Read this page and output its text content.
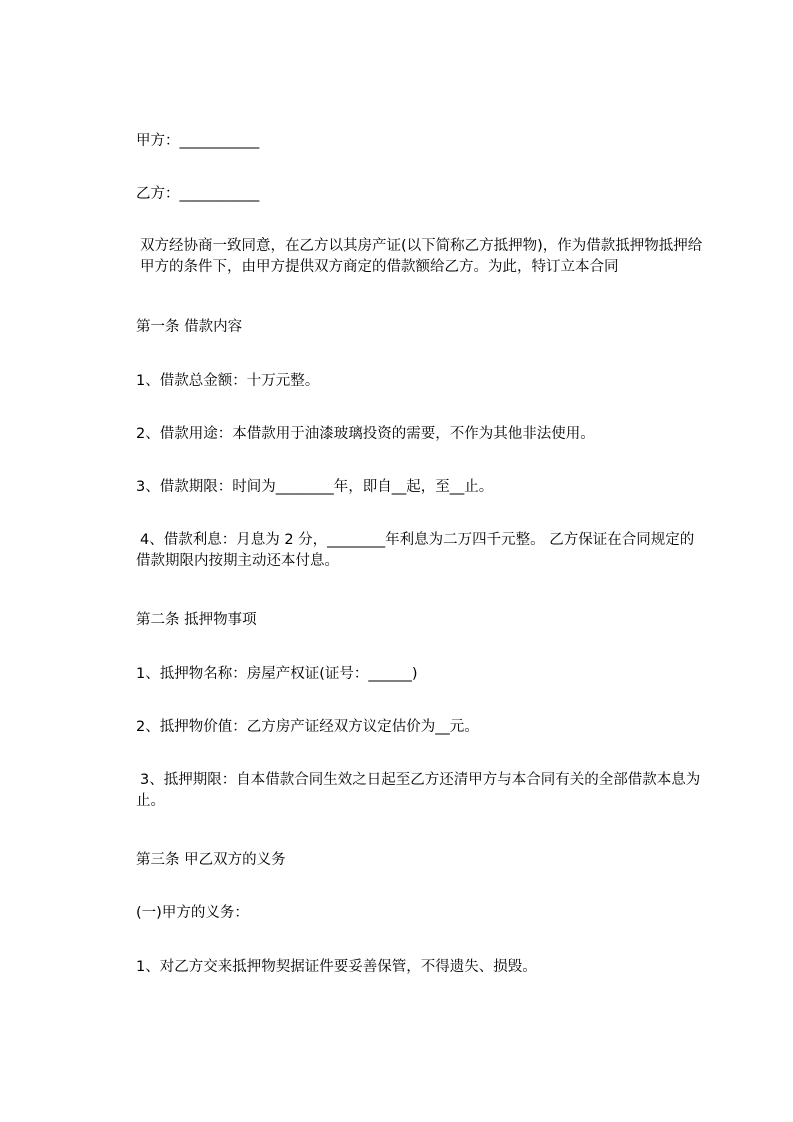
甲方：___________
乙方：___________
双方经协商一致同意，在乙方以其房产证(以下简称乙方抵押物)，作为借款抵押物抵押给甲方的条件下，由甲方提供双方商定的借款额给乙方。为此，特订立本合同
第一条 借款内容
1、借款总金额：十万元整。
2、借款用途：本借款用于油漆玻璃投资的需要，不作为其他非法使用。
3、借款期限：时间为________年，即自__起，至__止。
4、借款利息：月息为 2 分，________年利息为二万四千元整。 乙方保证在合同规定的借款期限内按期主动还本付息。
第二条 抵押物事项
1、抵押物名称：房屋产权证(证号：______)
2、抵押物价值：乙方房产证经双方议定估价为__元。
3、抵押期限：自本借款合同生效之日起至乙方还清甲方与本合同有关的全部借款本息为止。
第三条 甲乙双方的义务
(一)甲方的义务：
1、对乙方交来抵押物契据证件要妥善保管，不得遗失、损毁。
